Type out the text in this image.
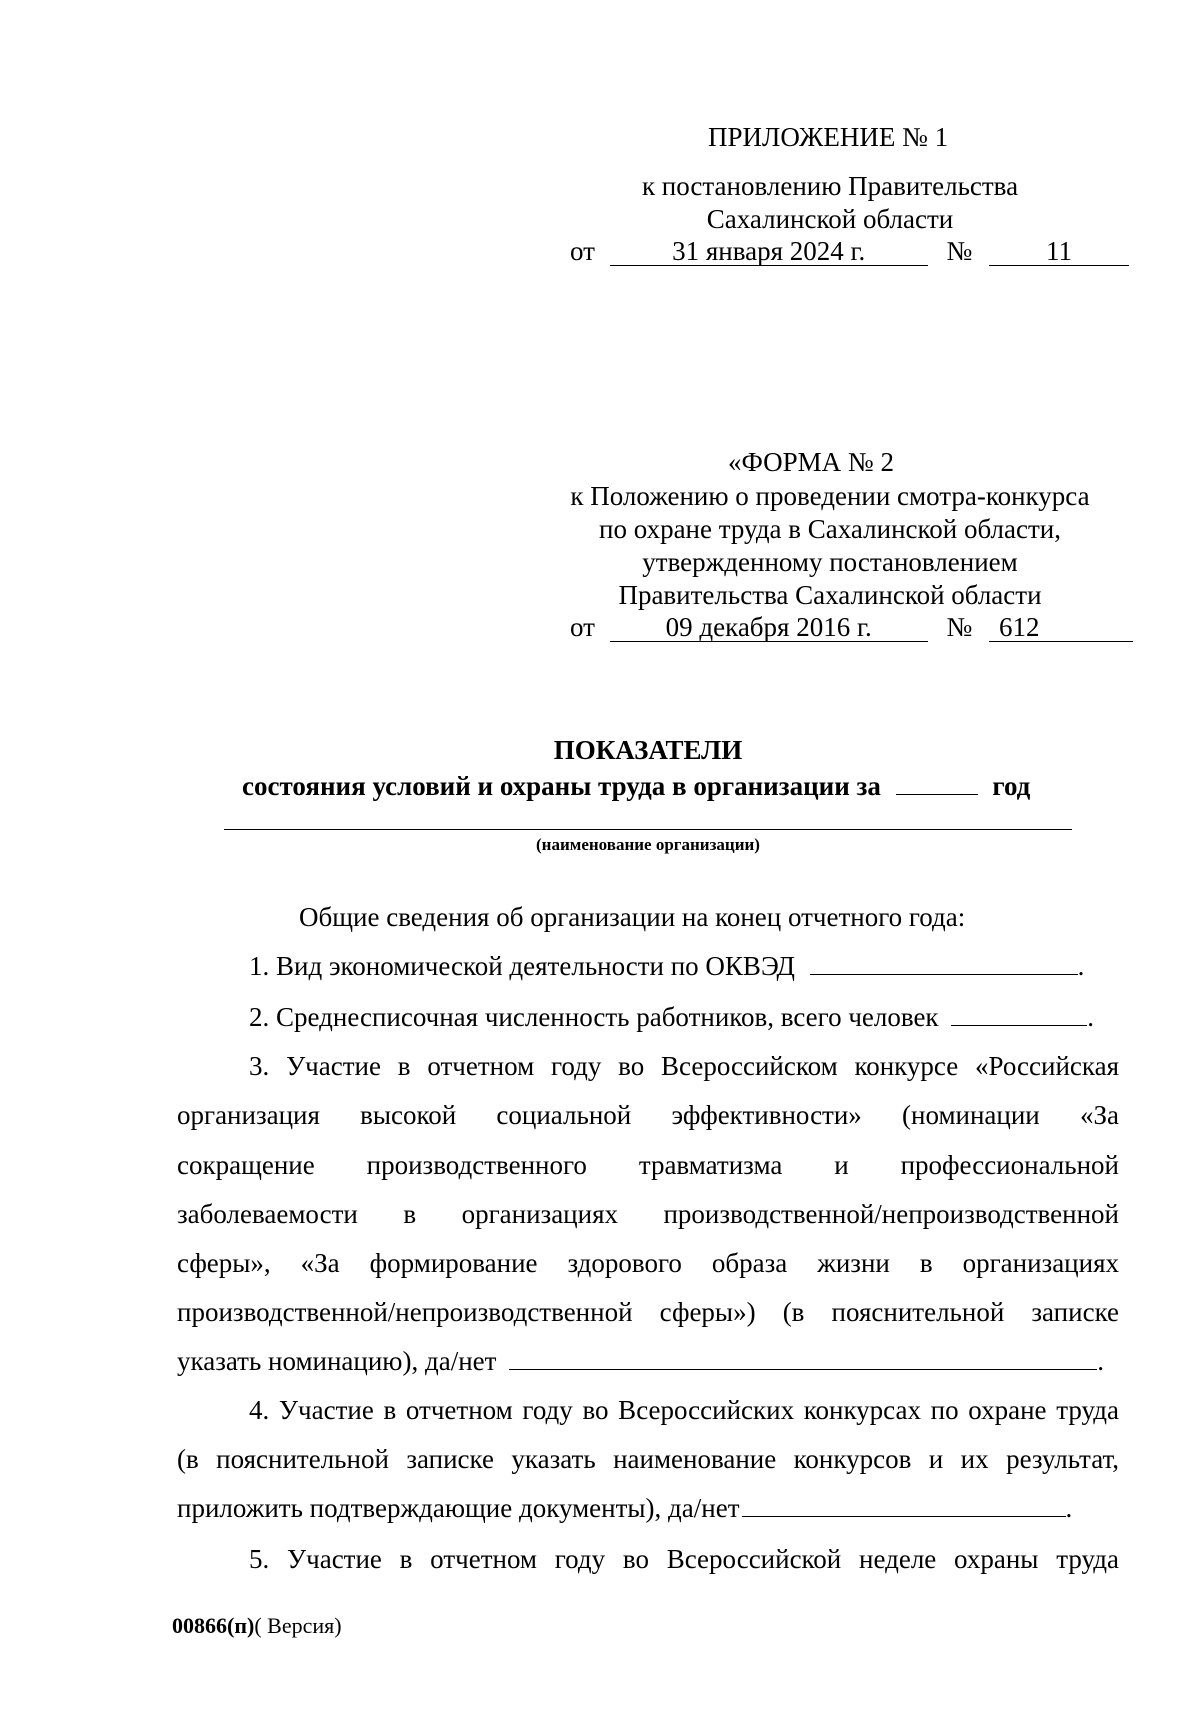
ПРИЛОЖЕНИЕ № 1
к постановлению Правительства
Сахалинской области
от	31 января 2024 г.	№	11
«ФОРМА № 2
к Положению о проведении смотра-конкурса
по охране труда в Сахалинской области,
утвержденному постановлением
Правительства Сахалинской области
от	09 декабря 2016 г.	№ 612
ПОКАЗАТЕЛИ
состояния условий и охраны труда в организации за	год
(наименование организации)
Общие сведения об организации на конец отчетного года:
1. Вид экономической деятельности по ОКВЭД	.
2. Среднесписочная численность работников, всего человек	.
3. Участие в отчетном году во Всероссийском конкурсе «Российская
организация высокой социальной эффективности» (номинации «За
сокращение производственного травматизма и профессиональной
заболеваемости в организациях производственной/непроизводственной
сферы», «За формирование здорового образа жизни в организациях
производственной/непроизводственной сферы») (в пояснительной записке
указать номинацию), да/нет	.
4. Участие в отчетном году во Всероссийских конкурсах по охране труда
(в пояснительной записке указать наименование конкурсов и их результат,
приложить подтверждающие документы), да/нет	.
5. Участие в отчетном году во Всероссийской неделе охраны труда
00866(п)( Версия)
